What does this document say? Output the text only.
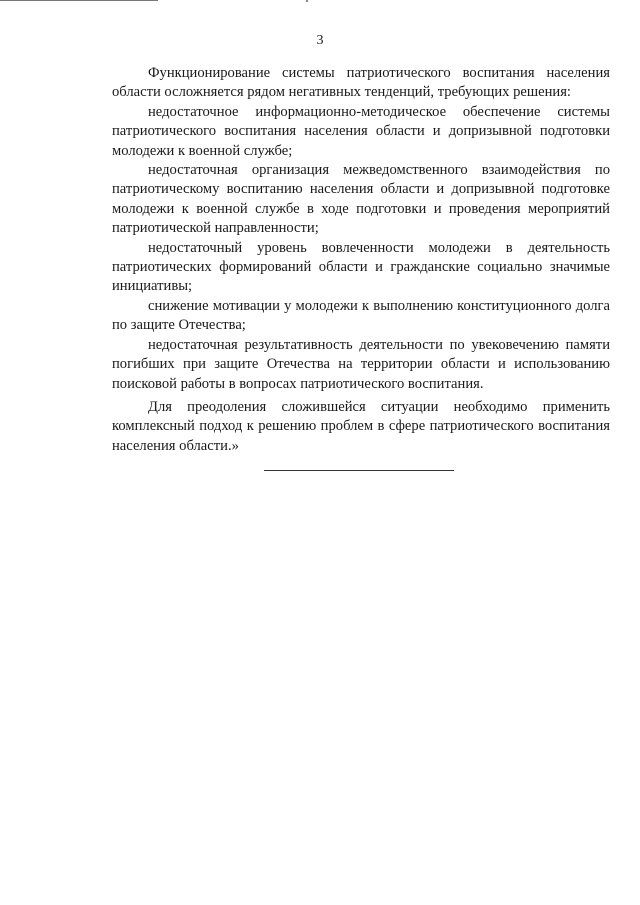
3

Функционирование системы патриотического воспитания населения области осложняется рядом негативных тенденций, требующих решения:

недостаточное информационно-методическое обеспечение системы патриотического воспитания населения области и допризывной подготовки молодежи к военной службе;

недостаточная организация межведомственного взаимодействия по патриотическому воспитанию населения области и допризывной подготовке молодежи к военной службе в ходе подготовки и проведения мероприятий патриотической направленности;

недостаточный уровень вовлеченности молодежи в деятельность патриотических формирований области и гражданские социально значимые инициативы;

снижение мотивации у молодежи к выполнению конституционного долга по защите Отечества;

недостаточная результативность деятельности по увековечению памяти погибших при защите Отечества на территории области и использованию поисковой работы в вопросах патриотического воспитания.

Для преодоления сложившейся ситуации необходимо применить комплексный подход к решению проблем в сфере патриотического воспитания населения области.»
